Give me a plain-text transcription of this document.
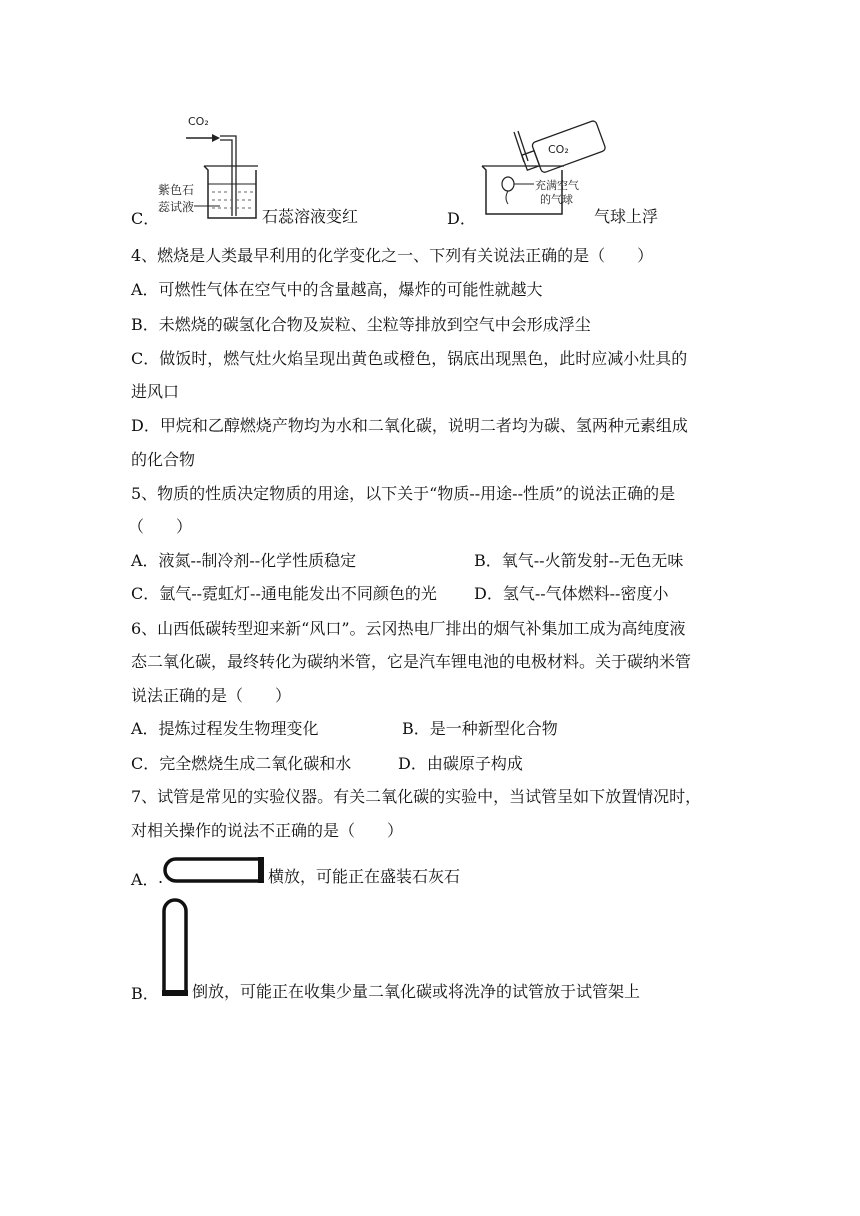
CO₂
紫色石
蕊试液
C．	石蕊溶液变红	D．
CO₂
充满空气
的气球
气球上浮
4、燃烧是人类最早利用的化学变化之一、下列有关说法正确的是（　　）
A．可燃性气体在空气中的含量越高，爆炸的可能性就越大
B．未燃烧的碳氢化合物及炭粒、尘粒等排放到空气中会形成浮尘
C．做饭时，燃气灶火焰呈现出黄色或橙色，锅底出现黑色，此时应减小灶具的
进风口
D．甲烷和乙醇燃烧产物均为水和二氧化碳，说明二者均为碳、氢两种元素组成
的化合物
5、物质的性质决定物质的用途，以下关于“物质--用途--性质”的说法正确的是
（　　）
A．液氮--制冷剂--化学性质稳定	B．氧气--火箭发射--无色无味
C．氩气--霓虹灯--通电能发出不同颜色的光 D．氢气--气体燃料--密度小
6、山西低碳转型迎来新“风口”。云冈热电厂排出的烟气补集加工成为高纯度液
态二氧化碳，最终转化为碳纳米管，它是汽车锂电池的电极材料。关于碳纳米管
说法正确的是（　　）
A．提炼过程发生物理变化	B．是一种新型化合物
C．完全燃烧生成二氧化碳和水	D．由碳原子构成
7、试管是常见的实验仪器。有关二氧化碳的实验中，当试管呈如下放置情况时，
对相关操作的说法不正确的是（　　）
A． .	横放，可能正在盛装石灰石
B． 倒放，可能正在收集少量二氧化碳或将洗净的试管放于试管架上
